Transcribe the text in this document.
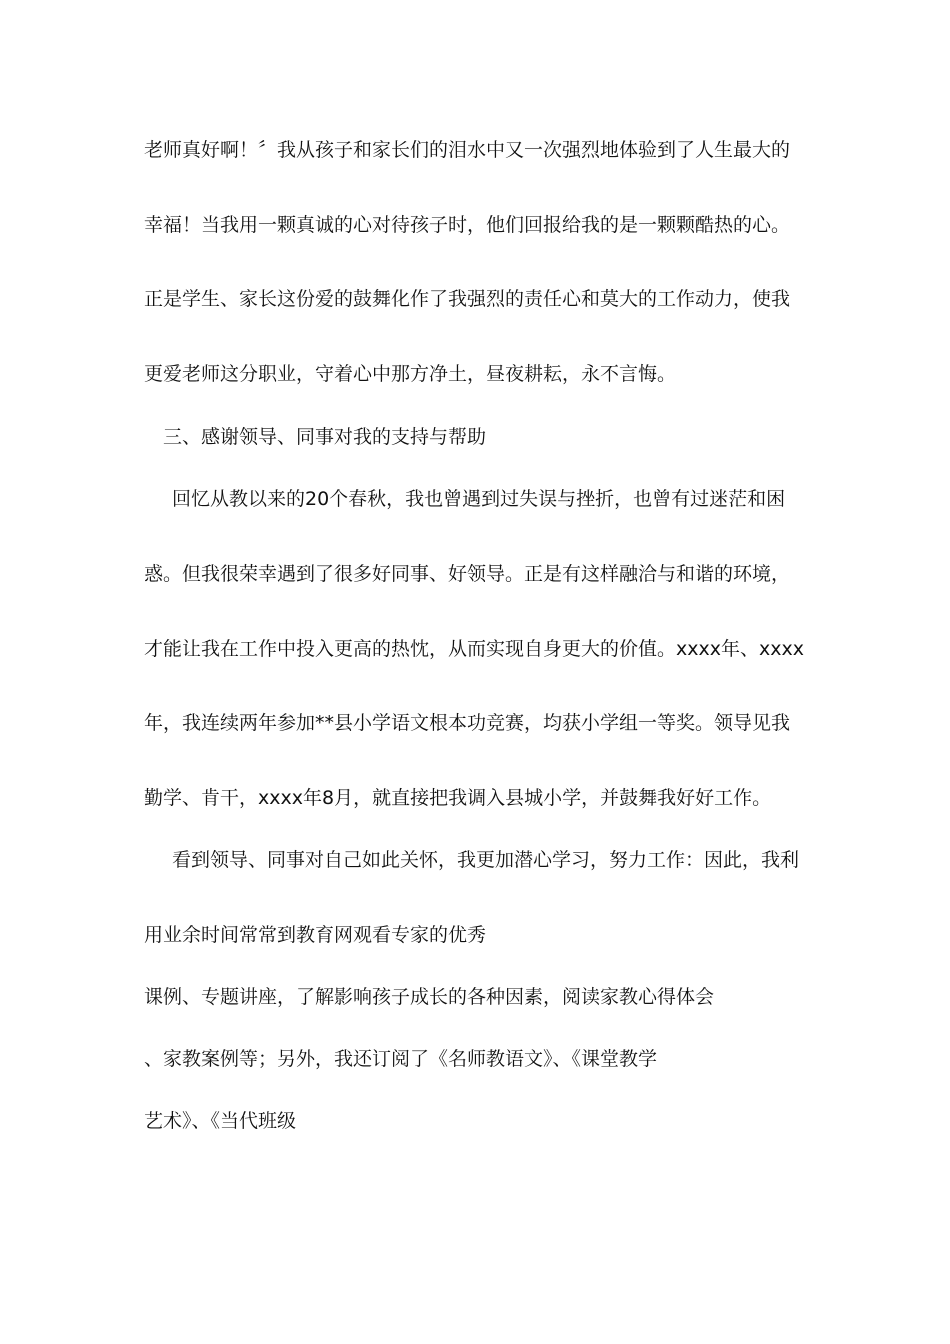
老师真好啊！〞我从孩子和家长们的泪水中又一次强烈地体验到了人生最大的
幸福！当我用一颗真诚的心对待孩子时，他们回报给我的是一颗颗酷热的心。
正是学生、家长这份爱的鼓舞化作了我强烈的责任心和莫大的工作动力，使我
更爱老师这分职业，守着心中那方净土，昼夜耕耘，永不言悔。
三、感谢领导、同事对我的支持与帮助
回忆从教以来的20个春秋，我也曾遇到过失误与挫折，也曾有过迷茫和困
惑。但我很荣幸遇到了很多好同事、好领导。正是有这样融洽与和谐的环境，
才能让我在工作中投入更高的热忱，从而实现自身更大的价值。xxxx年、xxxx
年，我连续两年参加**县小学语文根本功竞赛，均获小学组一等奖。领导见我
勤学、肯干，xxxx年8月，就直接把我调入县城小学，并鼓舞我好好工作。
看到领导、同事对自己如此关怀，我更加潜心学习，努力工作：因此，我利
用业余时间常常到教育网观看专家的优秀
课例、专题讲座，了解影响孩子成长的各种因素，阅读家教心得体会
、家教案例等；另外，我还订阅了《名师教语文》、《课堂教学
艺术》、《当代班级
